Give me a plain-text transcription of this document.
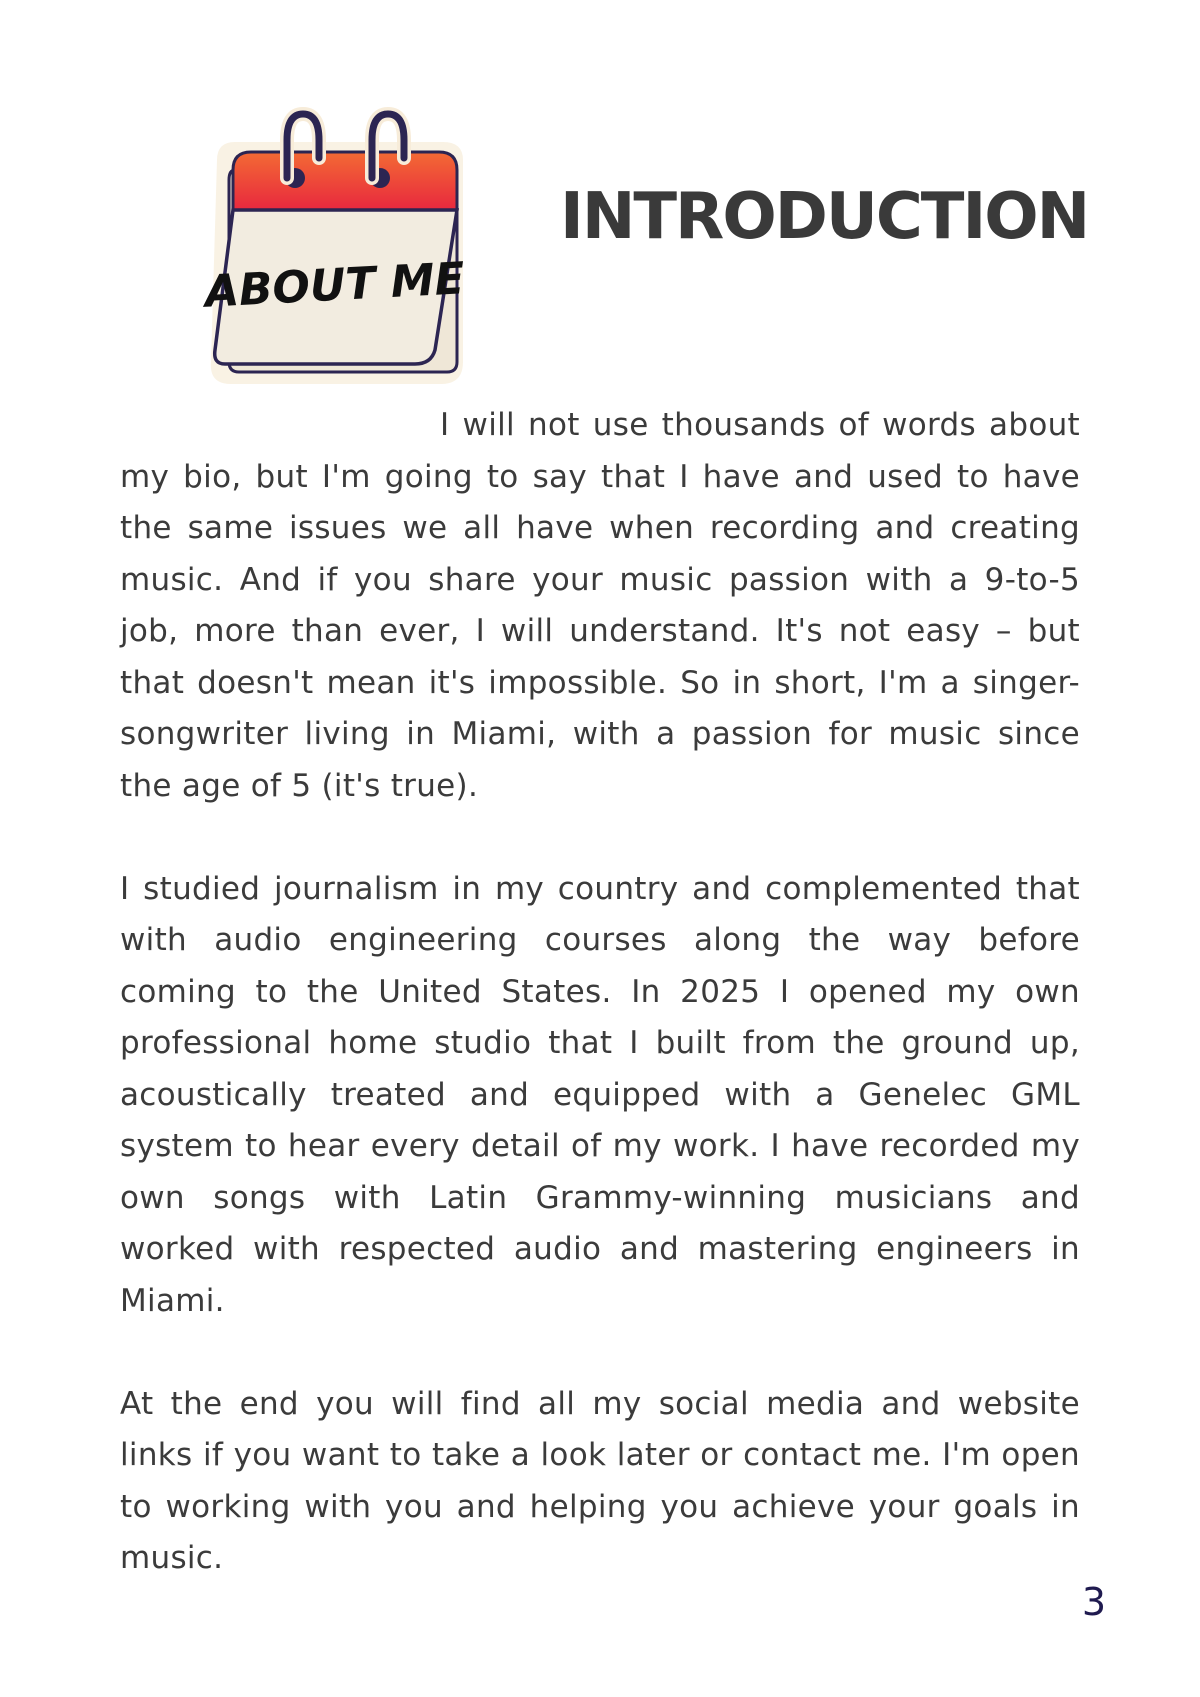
ABOUT ME
INTRODUCTION

I will not use thousands of words about my bio, but I'm going to say that I have and used to have the same issues we all have when recording and creating music. And if you share your music passion with a 9-to-5 job, more than ever, I will understand. It's not easy – but that doesn't mean it's impossible. So in short, I'm a singer-songwriter living in Miami, with a passion for music since the age of 5 (it's true).

I studied journalism in my country and complemented that with audio engineering courses along the way before coming to the United States. In 2025 I opened my own professional home studio that I built from the ground up, acoustically treated and equipped with a Genelec GML system to hear every detail of my work. I have recorded my own songs with Latin Grammy-winning musicians and worked with respected audio and mastering engineers in Miami.

At the end you will find all my social media and website links if you want to take a look later or contact me. I'm open to working with you and helping you achieve your goals in music.

3
